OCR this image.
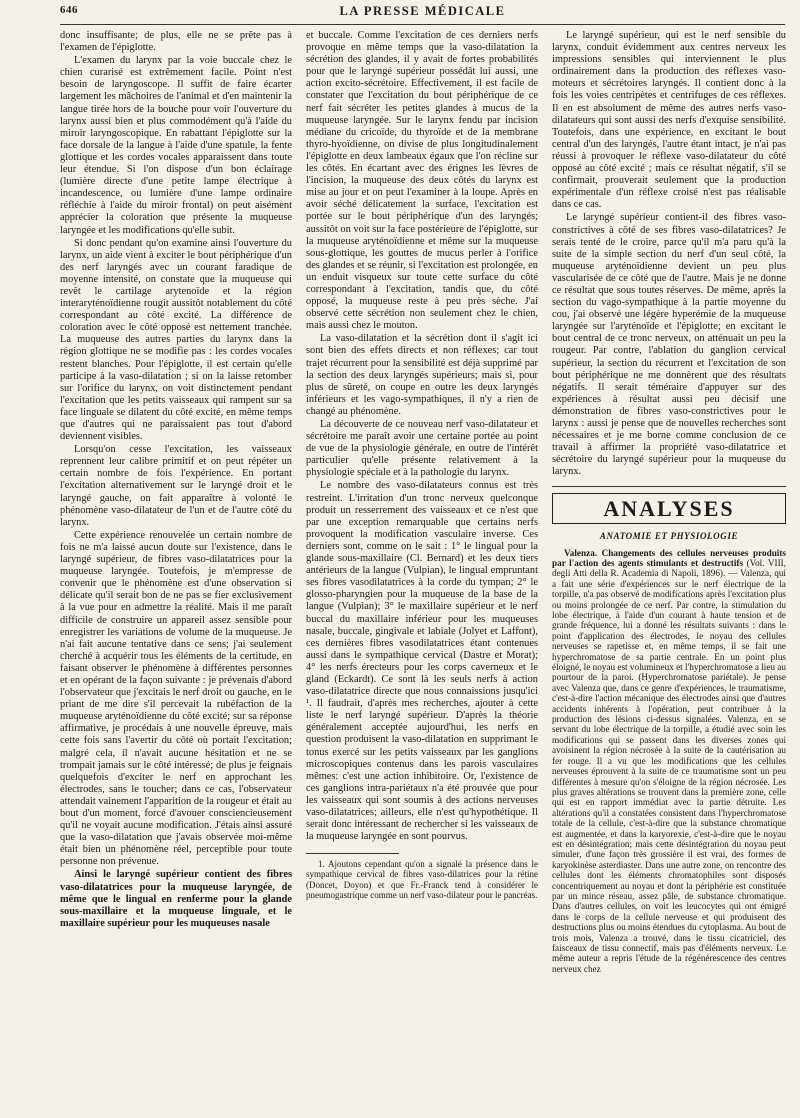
LA PRESSE MÉDICALE
646

donc insuffisante; de plus, elle ne se prête pas à l'examen de l'épiglotte.

L'examen du larynx par la voie buccale chez le chien curarisé est extrêmement facile. Point n'est besoin de laryngoscope. Il suffit de faire écarter largement les mâchoires de l'animal et d'en maintenir la langue tirée hors de la bouche pour voir l'ouverture du larynx aussi bien et plus commodément qu'à l'aide du miroir laryngoscopique. En rabattant l'épiglotte sur la face dorsale de la langue à l'aide d'une spatule, la fente glottique et les cordes vocales apparaissent dans toute leur étendue. Si l'on dispose d'un bon éclairage (lumière directe d'une petite lampe électrique à incandescence, ou lumière d'une lampe ordinaire réfléchie à l'aide du miroir frontal) on peut aisément apprécier la coloration que présente la muqueuse laryngée et les modifications qu'elle subit.

Si donc pendant qu'on examine ainsi l'ouverture du larynx, un aide vient à exciter le bout périphérique d'un des nerf laryngés avec un courant faradique de moyenne intensité, on constate que la muqueuse qui revêt le cartilage arytenoïde et la région interaryténoïdienne rougit aussitôt notablement du côté correspondant au côté excité. La différence de coloration avec le côté opposé est nettement tranchée. La muqueuse des autres parties du larynx dans la région glottique ne se modifie pas : les cordes vocales restent blanches. Pour l'épiglotte, il est certain qu'elle participe à la vaso-dilatation ; si on la laisse retomber sur l'orifice du larynx, on voit distinctement pendant l'excitation que les petits vaisseaux qui rampent sur sa face linguale se dilatent du côté excité, en même temps que d'autres qui ne paraissaient pas tout d'abord deviennent visibles.

Lorsqu'on cesse l'excitation, les vaisseaux reprennent leur calibre primitif et on peut répéter un certain nombre de fois l'expérience. En portant l'excitation alternativement sur le laryngé droit et le laryngé gauche, on fait apparaître à volonté le phénomène vaso-dilatateur de l'un et de l'autre côté du larynx.

Cette expérience renouvelée un certain nombre de fois ne m'a laissé aucun doute sur l'existence, dans le laryngé supérieur, de fibres vaso-dilatatrices pour la muqueuse laryngée. Toutefois, je m'empresse de convenir que le phénomène est d'une observation si délicate qu'il serait bon de ne pas se fier exclusivement à la vue pour en admettre la réalité. Mais il me paraît difficile de construire un appareil assez sensible pour enregistrer les variations de volume de la muqueuse. Je n'ai fait aucune tentative dans ce sens; j'ai seulement cherché à acquérir tous les éléments de la certitude, en faisant observer le phénomène à différentes personnes et en opérant de la façon suivante : je prévenais d'abord l'observateur que j'excitais le nerf droit ou gauche, en le priant de me dire s'il percevait la rubéfaction de la muqueuse aryténoïdienne du côté excité; sur sa réponse affirmative, je procédais à une nouvelle épreuve, mais cette fois sans l'avertir du côté où portait l'excitation; malgré cela, il n'avait aucune hésitation et ne se trompait jamais sur le côté intéressé; de plus je feignais quelquefois d'exciter le nerf en approchant les électrodes, sans le toucher; dans ce cas, l'observateur attendait vainement l'apparition de la rougeur et était au bout d'un moment, forcé d'avouer consciencieusement qu'il ne voyait aucune modification. J'étais ainsi assuré que la vaso-dilatation que j'avais observée moi-même était bien un phénomène réel, perceptible pour toute personne non prévenue.

Ainsi le laryngé supérieur contient des fibres vaso-dilatatrices pour la muqueuse laryngée, de même que le lingual en renferme pour la glande sous-maxillaire et la muqueuse linguale, et le maxillaire supérieur pour les muqueuses nasale

et buccale. Comme l'excitation de ces derniers nerfs provoque en même temps que la vaso-dilatation la sécrétion des glandes, il y avait de fortes probabilités pour que le laryngé supérieur possédât lui aussi, une action excito-sécrétoire. Effectivement, il est facile de constater que l'excitation du bout périphérique de ce nerf fait sécréter les petites glandes à mucus de la muqueuse laryngée. Sur le larynx fendu par incision médiane du cricoïde, du thyroïde et de la membrane thyro-hyoïdienne, on divise de plus longitudinalement l'épiglotte en deux lambeaux égaux que l'on récline sur les côtés. En écartant avec des érignes les lèvres de l'incision, la muqueuse des deux côtés du larynx est mise au jour et on peut l'examiner à la loupe. Après en avoir séché délicatement la surface, l'excitation est portée sur le bout périphérique d'un des laryngés; aussitôt on voit sur la face postérieure de l'épiglotte, sur la muqueuse aryténoïdienne et même sur la muqueuse sous-glottique, les gouttes de mucus perler à l'orifice des glandes et se réunir, si l'excitation est prolongée, en un enduit visqueux sur toute cette surface du côté correspondant à l'excitation, tandis que, du côté opposé, la muqueuse reste à peu près sèche. J'ai observé cette sécrétion non seulement chez le chien, mais aussi chez le mouton.

La vaso-dilatation et la sécrétion dont il s'agit ici sont bien des effets directs et non réflexes; car tout trajet récurrent pour la sensibilité est déjà supprimé par la section des deux laryngés supérieurs; mais si, pour plus de sûreté, on coupe en outre les deux laryngés inférieurs et les vago-sympathiques, il n'y a rien de changé au phénomène.

La découverte de ce nouveau nerf vaso-dilatateur et sécrétoire me paraît avoir une certaine portée au point de vue de la physiologie générale, en outre de l'intérêt particulier qu'elle présente relativement à la physiologie spéciale et à la pathologie du larynx.

Le nombre des vaso-dilatateurs connus est très restreint. L'irritation d'un tronc nerveux quelconque produit un resserrement des vaisseaux et ce n'est que par une exception remarquable que certains nerfs provoquent la modification vasculaire inverse. Ces derniers sont, comme on le sait : 1° le lingual pour la glande sous-maxillaire (Cl. Bernard) et les deux tiers antérieurs de la langue (Vulpian), le lingual empruntant ses fibres vasodilatatrices à la corde du tympan; 2° le glosso-pharyngien pour la muqueuse de la base de la langue (Vulpian); 3° le maxillaire supérieur et le nerf buccal du maxillaire inférieur pour les muqueuses nasale, buccale, gingivale et labiale (Jolyet et Laffont), ces dernières fibres vasodilatatrices étant contenues aussi dans le sympathique cervical (Dastre et Morat); 4° les nerfs érecteurs pour les corps caverneux et le gland (Eckardt). Ce sont là les seuls nerfs à action vaso-dilatatrice directe que nous connaissions jusqu'ici ¹. Il faudrait, d'après mes recherches, ajouter à cette liste le nerf laryngé supérieur. D'après la théorie généralement acceptée aujourd'hui, les nerfs en question produisent la vaso-dilatation en supprimant le tonus exercé sur les petits vaisseaux par les ganglions microscopiques contenus dans les parois vasculaires mêmes: c'est une action inhibitoire. Or, l'existence de ces ganglions intra-pariétaux n'a été prouvée que pour les vaisseaux qui sont soumis à des actions nerveuses vaso-dilatatrices; ailleurs, elle n'est qu'hypothétique. Il serait donc intéressant de rechercher si les vaisseaux de la muqueuse laryngée en sont pourvus.

1. Ajoutons cependant qu'on a signalé la présence dans le sympathique cervical de fibres vaso-dilatrices pour la rétine (Doncet, Doyon) et que Fr.-Franck tend à considérer le pneumogastrique comme un nerf vaso-dilateur pour le pancréas.

Le laryngé supérieur, qui est le nerf sensible du larynx, conduit évidemment aux centres nerveux les impressions sensibles qui interviennent le plus ordinairement dans la production des réflexes vaso-moteurs et sécrétoires laryngés. Il contient donc à la fois les voies centripètes et centrifuges de ces réflexes. Il en est absolument de même des autres nerfs vaso-dilatateurs qui sont aussi des nerfs d'exquise sensibilité. Toutefois, dans une expérience, en excitant le bout central d'un des laryngés, l'autre étant intact, je n'ai pas réussi à provoquer le réflexe vaso-dilatateur du côté opposé au côté excité ; mais ce résultat négatif, s'il se confirmait, prouverait seulement que la production expérimentale d'un réflexe croisé n'est pas réalisable dans ce cas.

Le laryngé supérieur contient-il des fibres vaso-constrictives à côté de ses fibres vaso-dilatatrices? Je serais tenté de le croire, parce qu'il m'a paru qu'à la suite de la simple section du nerf d'un seul côté, la muqueuse aryténoïdienne devient un peu plus vascularisée de ce côté que de l'autre. Mais je ne donne ce résultat que sous toutes réserves. De même, après la section du vago-sympathique à la partie moyenne du cou, j'ai observé une légère hyperémie de la muqueuse laryngée sur l'aryténoïde et l'épiglotte; en excitant le bout central de ce tronc nerveux, on atténuait un peu la rougeur. Par contre, l'ablation du ganglion cervical supérieur, la section du récurrent et l'excitation de son bout périphérique ne me donnèrent que des résultats négatifs. Il serait téméraire d'appuyer sur des expériences à résultat aussi peu décisif une démonstration de fibres vaso-constrictives pour le larynx : aussi je pense que de nouvelles recherches sont nécessaires et je me borne comme conclusion de ce travail à affirmer la propriété vaso-dilatatrice et sécrétoire du laryngé supérieur pour la muqueuse du larynx.

ANALYSES
ANATOMIE ET PHYSIOLOGIE

Valenza. Changements des cellules nerveuses produits par l'action des agents stimulants et destructifs (Vol. VIII, degli Atti della R. Academia di Napoli, 1896). — Valenza, qui a fait une série d'expériences sur le nerf électrique de la torpille, n'a pas observé de modifications après l'excitation plus ou moins prolongée de ce nerf. Par contre, la stimulation du lobe électrique, à l'aide d'un courant à haute tension et de grande fréquence, lui a donné les résultats suivants : dans le point d'application des électrodes, le noyau des cellules nerveuses se rapetisse et, en même temps, il se fait une hyperchromatose de sa partie centrale. En un point plus éloigné, le noyau est volumineux et l'hyperchromatose a lieu au pourtour de la paroi. (Hyperchromatose pariétale). Je pense avec Valenza que, dans ce genre d'expériences, le traumatisme, c'est-à-dire l'action mécanique des électrodes ainsi que d'autres accidents inhérents à l'opération, peut contribuer à la production des lésions ci-dessus signalées. Valenza, en se servant du lobe électrique de la torpille, a étudié avec soin les modifications qui se passent dans les diverses zones qui avoisinent la région nécrosée à la suite de la cautérisation au fer rouge. Il a vu que les modifications que les cellules nerveuses éprouvent à la suite de ce traumatisme sont un peu différentes à mesure qu'on s'éloigne de la région nécrosée. Les plus graves altérations se trouvent dans la première zone, celle qui est en rapport immédiat avec la partie détruite. Les altérations qu'il a constatées consistent dans l'hyperchromatose totale de la cellule, c'est-à-dire que la substance chromatique est augmentée, et dans la karyorexie, c'est-à-dire que le noyau est en désintégration; mais cette désintégration du noyau peut simuler, d'une façon très grossière il est vrai, des formes de karyokinèse asterdiaster. Dans une autre zone, on rencontre des cellules dont les éléments chromatophiles sont disposés concentriquement au noyau et dont la périphérie est constituée par un mince réseau, assez pâle, de substance chromatique. Dans d'autres cellules, on voit les leucocytes qui ont émigré dans le corps de la cellule nerveuse et qui produisent des destructions plus ou moins étendues du cytoplasma. Au bout de trois mois, Valenza a trouvé, dans le tissu cicatriciel, des faisceaux de tissu connectif, mais pas d'éléments nerveux. Le même auteur a repris l'étude de la régénérescence des centres nerveux chez
